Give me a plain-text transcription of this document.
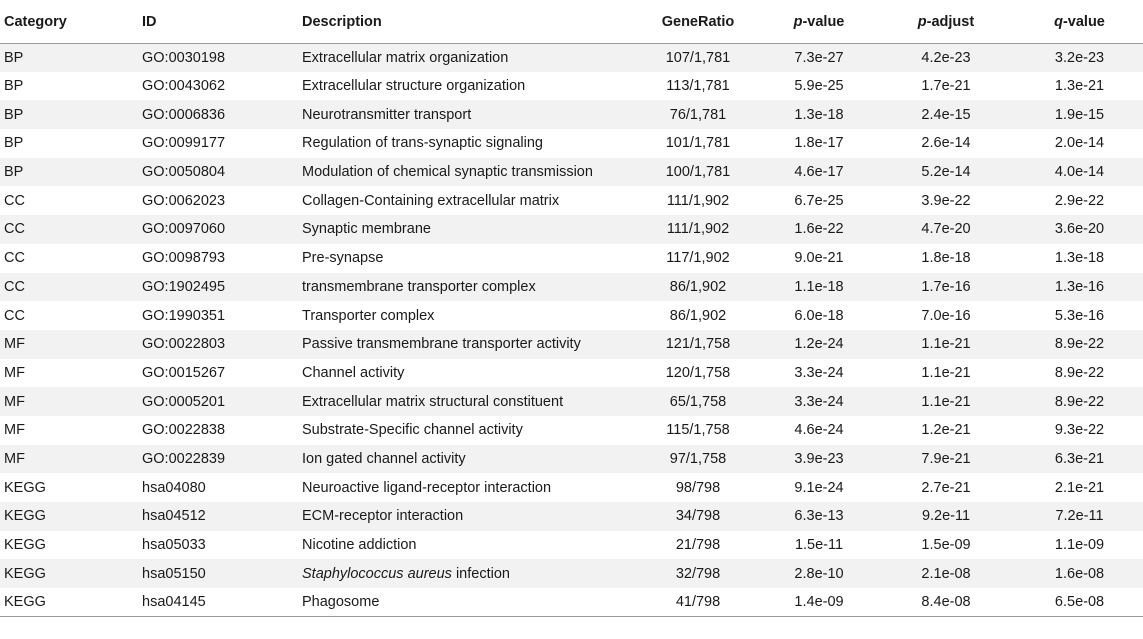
Category	ID	Description	GeneRatio	p-value	p-adjust	q-value
BP	GO:0030198	Extracellular matrix organization	107/1,781	7.3e-27	4.2e-23	3.2e-23
BP	GO:0043062	Extracellular structure organization	113/1,781	5.9e-25	1.7e-21	1.3e-21
BP	GO:0006836	Neurotransmitter transport	76/1,781	1.3e-18	2.4e-15	1.9e-15
BP	GO:0099177	Regulation of trans-synaptic signaling	101/1,781	1.8e-17	2.6e-14	2.0e-14
BP	GO:0050804	Modulation of chemical synaptic transmission	100/1,781	4.6e-17	5.2e-14	4.0e-14
CC	GO:0062023	Collagen-Containing extracellular matrix	111/1,902	6.7e-25	3.9e-22	2.9e-22
CC	GO:0097060	Synaptic membrane	111/1,902	1.6e-22	4.7e-20	3.6e-20
CC	GO:0098793	Pre-synapse	117/1,902	9.0e-21	1.8e-18	1.3e-18
CC	GO:1902495	transmembrane transporter complex	86/1,902	1.1e-18	1.7e-16	1.3e-16
CC	GO:1990351	Transporter complex	86/1,902	6.0e-18	7.0e-16	5.3e-16
MF	GO:0022803	Passive transmembrane transporter activity	121/1,758	1.2e-24	1.1e-21	8.9e-22
MF	GO:0015267	Channel activity	120/1,758	3.3e-24	1.1e-21	8.9e-22
MF	GO:0005201	Extracellular matrix structural constituent	65/1,758	3.3e-24	1.1e-21	8.9e-22
MF	GO:0022838	Substrate-Specific channel activity	115/1,758	4.6e-24	1.2e-21	9.3e-22
MF	GO:0022839	Ion gated channel activity	97/1,758	3.9e-23	7.9e-21	6.3e-21
KEGG	hsa04080	Neuroactive ligand-receptor interaction	98/798	9.1e-24	2.7e-21	2.1e-21
KEGG	hsa04512	ECM-receptor interaction	34/798	6.3e-13	9.2e-11	7.2e-11
KEGG	hsa05033	Nicotine addiction	21/798	1.5e-11	1.5e-09	1.1e-09
KEGG	hsa05150	Staphylococcus aureus infection	32/798	2.8e-10	2.1e-08	1.6e-08
KEGG	hsa04145	Phagosome	41/798	1.4e-09	8.4e-08	6.5e-08
